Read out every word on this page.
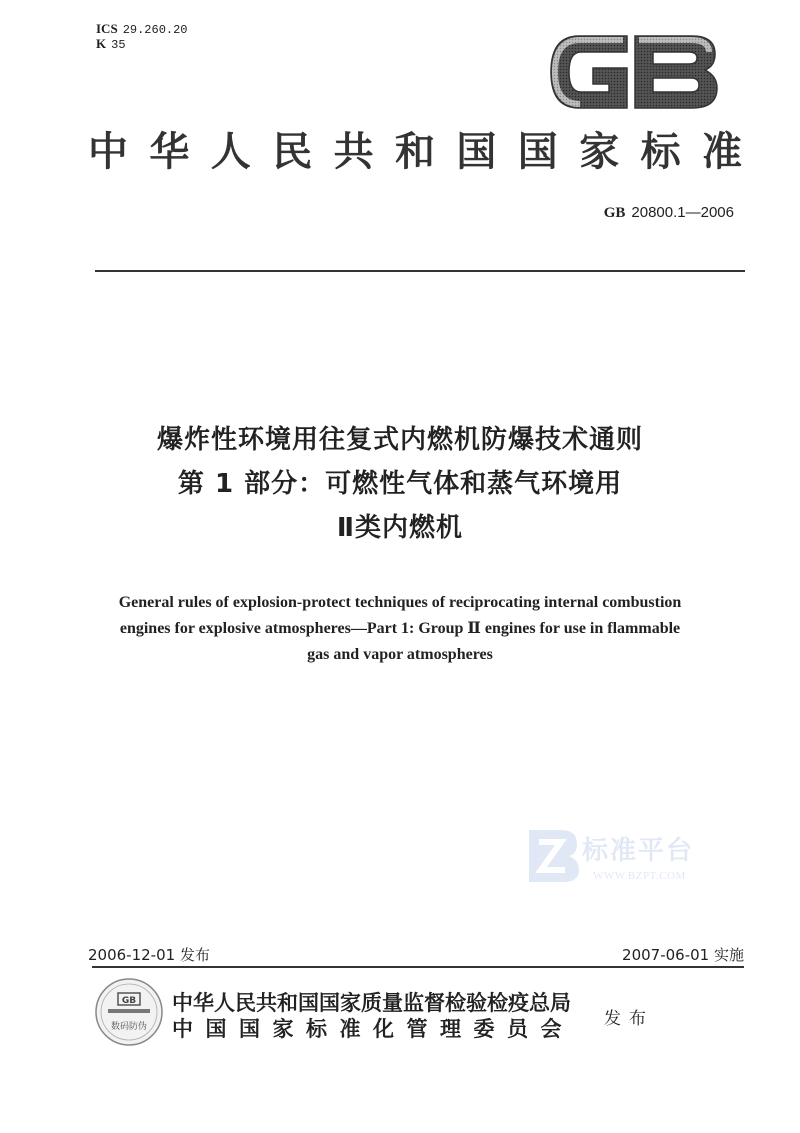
ICS 29.260.20
K 35
中华人民共和国国家标准
GB 20800.1—2006
爆炸性环境用往复式内燃机防爆技术通则
第 1 部分：可燃性气体和蒸气环境用
Ⅱ类内燃机
General rules of explosion-protect techniques of reciprocating internal combustion
engines for explosive atmospheres—Part 1: Group Ⅱ engines for use in flammable
gas and vapor atmospheres
标准平台
WWW.BZPT.COM
2006-12-01 发布	2007-06-01 实施
GB
数码防伪
中华人民共和国国家质量监督检验检疫总局
中国国家标准化管理委员会 发布
